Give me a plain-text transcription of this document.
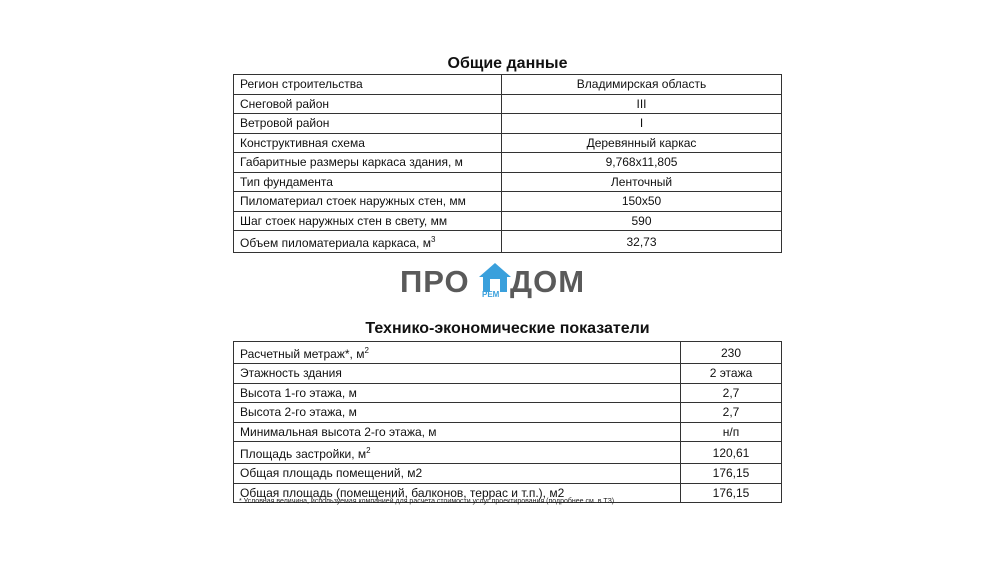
Общие данные
Регион строительства	Владимирская область
Снеговой район	III
Ветровой район	I
Конструктивная схема	Деревянный каркас
Габаритные размеры каркаса здания, м	9,768x11,805
Тип фундамента	Ленточный
Пиломатериал стоек наружных стен, мм	150x50
Шаг стоек наружных стен в свету, мм	590
Объем пиломатериала каркаса, $м^3$	32,73
ПРО РЕМ ДОМ
Технико-экономические показатели
Расчетный метраж*, $м^2$	230
Этажность здания	2 этажа
Высота 1-го этажа, м	2,7
Высота 2-го этажа, м	2,7
Минимальная высота 2-го этажа, м	н/п
Площадь застройки, $м^2$	120,61
Общая площадь помещений, м2	176,15
Общая площадь (помещений, балконов, террас и т.п.), м2	176,15
* Условная величина, используемая компанией для расчета стоимости услуг проектирования (подробнее см. в ТЗ)
